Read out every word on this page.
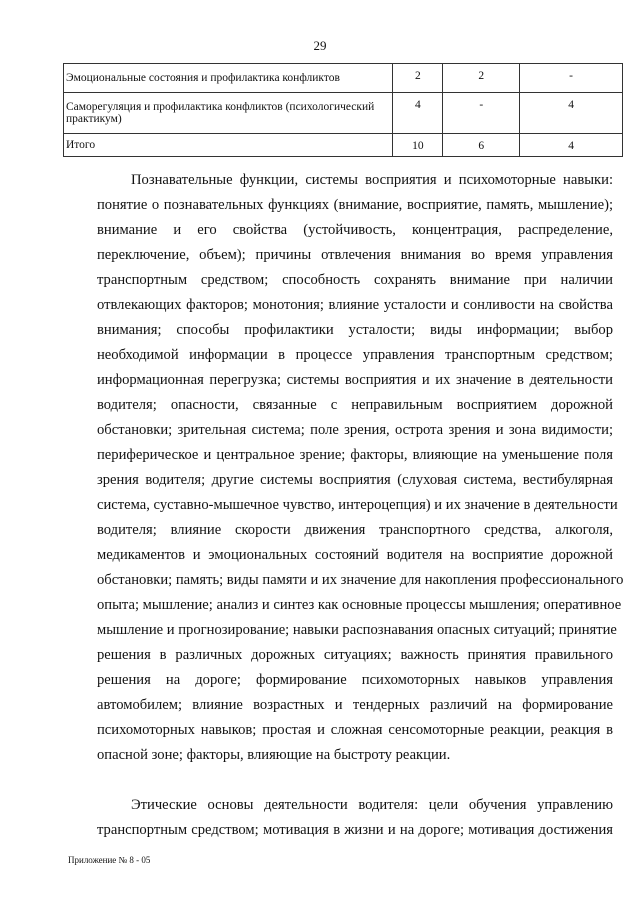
29
Эмоциональные состояния и профилактика конфликтов	2	2	-
Саморегуляция и профилактика конфликтов (психологический практикум)	4	-	4
Итого	10	6	4
Познавательные функции, системы восприятия и психомоторные навыки:
понятие о познавательных функциях (внимание, восприятие, память, мышление);
внимание и его свойства (устойчивость, концентрация, распределение,
переключение, объем); причины отвлечения внимания во время управления
транспортным средством; способность сохранять внимание при наличии
отвлекающих факторов; монотония; влияние усталости и сонливости на свойства
внимания; способы профилактики усталости; виды информации; выбор
необходимой информации в процессе управления транспортным средством;
информационная перегрузка; системы восприятия и их значение в деятельности
водителя; опасности, связанные с неправильным восприятием дорожной
обстановки; зрительная система; поле зрения, острота зрения и зона видимости;
периферическое и центральное зрение; факторы, влияющие на уменьшение поля
зрения водителя; другие системы восприятия (слуховая система, вестибулярная
система, суставно-мышечное чувство, интероцепция) и их значение в деятельности
водителя; влияние скорости движения транспортного средства, алкоголя,
медикаментов и эмоциональных состояний водителя на восприятие дорожной
обстановки; память; виды памяти и их значение для накопления профессионального
опыта; мышление; анализ и синтез как основные процессы мышления; оперативное
мышление и прогнозирование; навыки распознавания опасных ситуаций; принятие
решения в различных дорожных ситуациях; важность принятия правильного
решения на дороге; формирование психомоторных навыков управления
автомобилем; влияние возрастных и тендерных различий на формирование
психомоторных навыков; простая и сложная сенсомоторные реакции, реакция в
опасной зоне; факторы, влияющие на быстроту реакции.
Этические основы деятельности водителя: цели обучения управлению
транспортным средством; мотивация в жизни и на дороге; мотивация достижения
Приложение № 8 - 05
